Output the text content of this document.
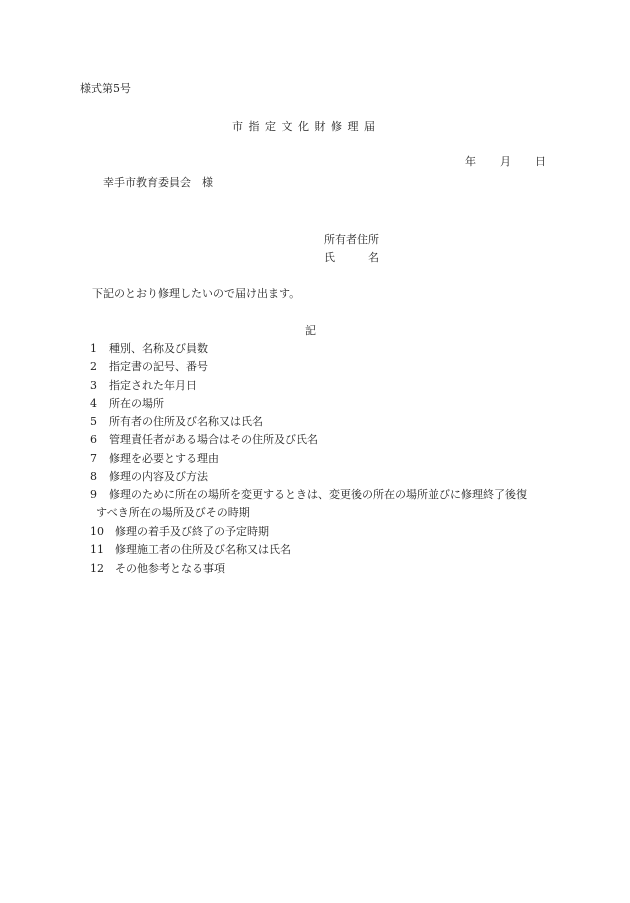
様式第5号
市 指 定 文 化 財 修 理 届
年 月 日
幸手市教育委員会　様
所有者住所
氏　　　名
下記のとおり修理したいので届け出ます。
記
1 種別、名称及び員数
2 指定書の記号、番号
3 指定された年月日
4 所在の場所
5 所有者の住所及び名称又は氏名
6 管理責任者がある場合はその住所及び氏名
7 修理を必要とする理由
8 修理の内容及び方法
9 修理のために所在の場所を変更するときは、変更後の所在の場所並びに修理終了後復
すべき所在の場所及びその時期
10 修理の着手及び終了の予定時期
11 修理施工者の住所及び名称又は氏名
12 その他参考となる事項
